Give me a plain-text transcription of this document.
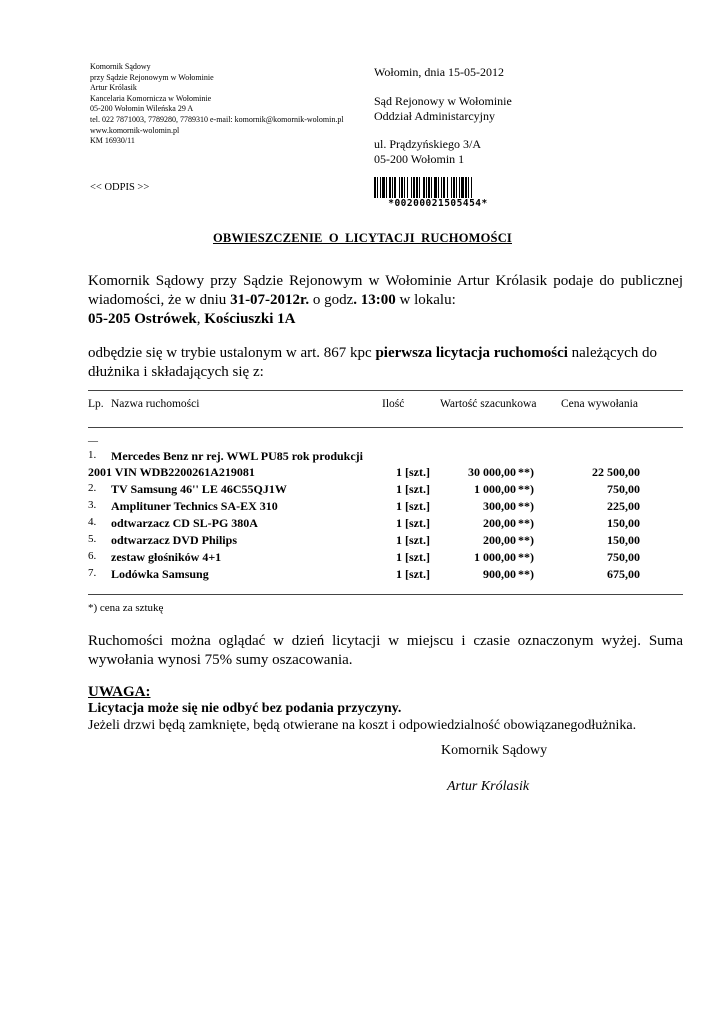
Komornik Sądowy
przy Sądzie Rejonowym w Wołominie
Artur Królasik
Kancelaria Komornicza w Wołominie
05-200 Wołomin Wileńska 29 A
tel. 022 7871003, 7789280, 7789310 e-mail: komornik@komornik-wolomin.pl
www.komornik-wolomin.pl
KM 16930/11
Wołomin, dnia 15-05-2012
Sąd Rejonowy w Wołominie
Oddział Administarcyjny
ul. Prądzyńskiego 3/A
05-200 Wołomin 1
<< ODPIS >>
*00200021505454*
OBWIESZCZENIE O LICYTACJI RUCHOMOŚCI
Komornik Sądowy przy Sądzie Rejonowym w Wołominie Artur Królasik podaje do publicznej wiadomości, że w dniu 31-07-2012r. o godz. 13:00 w lokalu:
05-205 Ostrówek, Kościuszki 1A
odbędzie się w trybie ustalonym w art. 867 kpc pierwsza licytacja ruchomości należących do dłużnika i składających się z:
Lp. Nazwa ruchomości	Ilość	Wartość szacunkowa Cena wywołania
__
1. Mercedes Benz nr rej. WWL PU85 rok produkcji
2001 VIN WDB2200261A219081	1 [szt.]	30 000,00 **)	22 500,00
2. TV Samsung 46'' LE 46C55QJ1W	1 [szt.]	1 000,00 **)	750,00
3. Amplituner Technics SA-EX 310	1 [szt.]	300,00 **)	225,00
4. odtwarzacz CD SL-PG 380A	1 [szt.]	200,00 **)	150,00
5. odtwarzacz DVD Philips	1 [szt.]	200,00 **)	150,00
6. zestaw głośników 4+1	1 [szt.]	1 000,00 **)	750,00
7. Lodówka Samsung	1 [szt.]	900,00 **)	675,00
*) cena za sztukę
Ruchomości można oglądać w dzień licytacji w miejscu i czasie oznaczonym wyżej. Suma wywołania wynosi 75% sumy oszacowania.
UWAGA:
Licytacja może się nie odbyć bez podania przyczyny.
Jeżeli drzwi będą zamknięte, będą otwierane na koszt i odpowiedzialność obowiązanegodłużnika.
Komornik Sądowy
Artur Królasik
